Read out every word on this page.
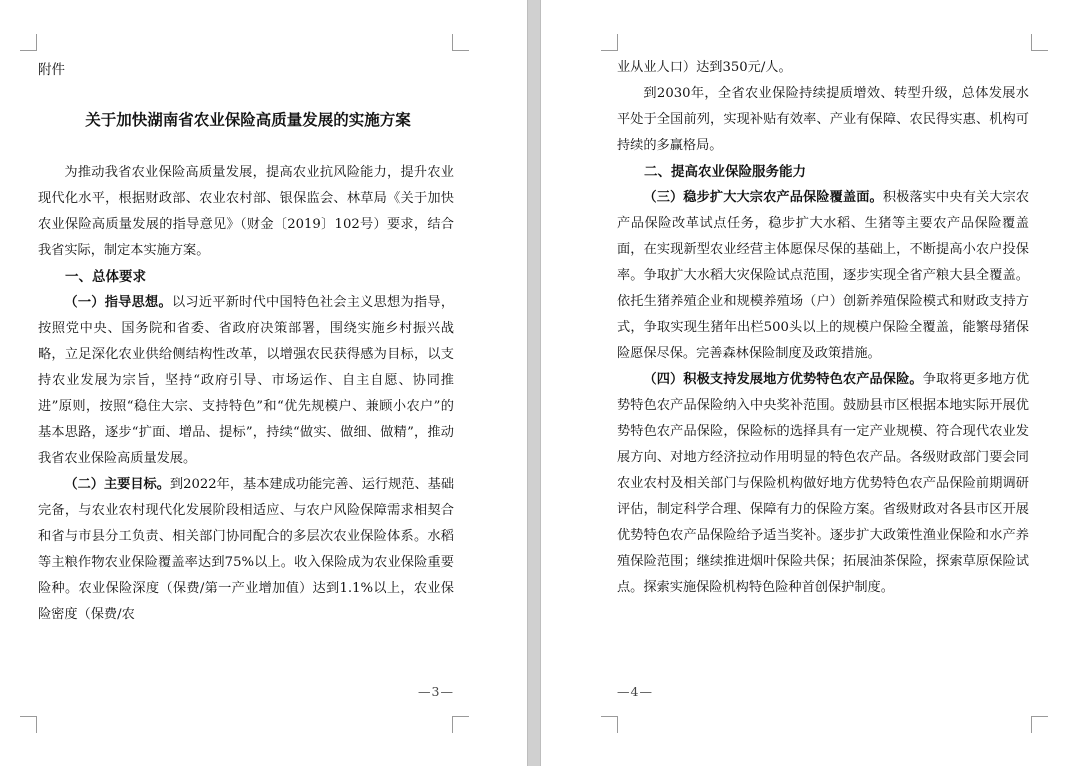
附件
关于加快湖南省农业保险高质量发展的实施方案

为推动我省农业保险高质量发展，提高农业抗风险能力，提升农业现代化水平，根据财政部、农业农村部、银保监会、林草局《关于加快农业保险高质量发展的指导意见》（财金〔2019〕102号）要求，结合我省实际，制定本实施方案。

一、总体要求

（一）指导思想。以习近平新时代中国特色社会主义思想为指导，按照党中央、国务院和省委、省政府决策部署，围绕实施乡村振兴战略，立足深化农业供给侧结构性改革，以增强农民获得感为目标，以支持农业发展为宗旨，坚持“政府引导、市场运作、自主自愿、协同推进”原则，按照“稳住大宗、支持特色”和“优先规模户、兼顾小农户”的基本思路，逐步“扩面、增品、提标”，持续“做实、做细、做精”，推动我省农业保险高质量发展。

（二）主要目标。到2022年，基本建成功能完善、运行规范、基础完备，与农业农村现代化发展阶段相适应、与农户风险保障需求相契合和省与市县分工负责、相关部门协同配合的多层次农业保险体系。水稻等主粮作物农业保险覆盖率达到75%以上。收入保险成为农业保险重要险种。农业保险深度（保费/第一产业增加值）达到1.1%以上，农业保险密度（保费/农

—3—

业从业人口）达到350元/人。

到2030年，全省农业保险持续提质增效、转型升级，总体发展水平处于全国前列，实现补贴有效率、产业有保障、农民得实惠、机构可持续的多赢格局。

二、提高农业保险服务能力

（三）稳步扩大大宗农产品保险覆盖面。积极落实中央有关大宗农产品保险改革试点任务，稳步扩大水稻、生猪等主要农产品保险覆盖面，在实现新型农业经营主体愿保尽保的基础上，不断提高小农户投保率。争取扩大水稻大灾保险试点范围，逐步实现全省产粮大县全覆盖。依托生猪养殖企业和规模养殖场（户）创新养殖保险模式和财政支持方式，争取实现生猪年出栏500头以上的规模户保险全覆盖，能繁母猪保险愿保尽保。完善森林保险制度及政策措施。

（四）积极支持发展地方优势特色农产品保险。争取将更多地方优势特色农产品保险纳入中央奖补范围。鼓励县市区根据本地实际开展优势特色农产品保险，保险标的选择具有一定产业规模、符合现代农业发展方向、对地方经济拉动作用明显的特色农产品。各级财政部门要会同农业农村及相关部门与保险机构做好地方优势特色农产品保险前期调研评估，制定科学合理、保障有力的保险方案。省级财政对各县市区开展优势特色农产品保险给予适当奖补。逐步扩大政策性渔业保险和水产养殖保险范围；继续推进烟叶保险共保；拓展油茶保险，探索草原保险试点。探索实施保险机构特色险种首创保护制度。

—4—
